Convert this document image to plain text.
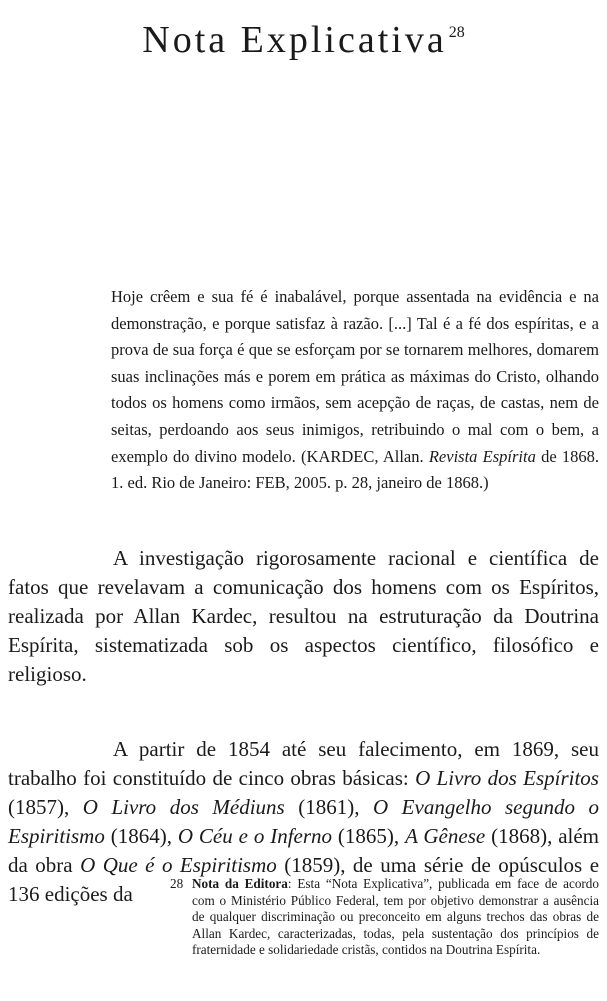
Nota Explicativa $^{28}$

Hoje crêem e sua fé é inabalável, porque assentada na evidência e na demonstração, e porque satisfaz à razão. [...] Tal é a fé dos espíritas, e a prova de sua força é que se esforçam por se tornarem melhores, domarem suas inclinações más e porem em prática as máximas do Cristo, olhando todos os homens como irmãos, sem acepção de raças, de castas, nem de seitas, perdoando aos seus inimigos, retribuindo o mal com o bem, a exemplo do divino modelo. (KARDEC, Allan. Revista Espírita de 1868. 1. ed. Rio de Janeiro: FEB, 2005. p. 28, janeiro de 1868.)

A investigação rigorosamente racional e científica de fatos que revelavam a comunicação dos homens com os Espíritos, realizada por Allan Kardec, resultou na estruturação da Doutrina Espírita, sistematizada sob os aspectos científico, filosófico e religioso.

A partir de 1854 até seu falecimento, em 1869, seu trabalho foi constituído de cinco obras básicas: O Livro dos Espíritos (1857), O Livro dos Médiuns (1861), O Evangelho segundo o Espiritismo (1864), O Céu e o Inferno (1865), A Gênese (1868), além da obra O Que é o Espiritismo (1859), de uma série de opúsculos e 136 edições da	28 Nota da Editora: Esta “Nota Explicativa”, publicada em face de acordo com o Ministério Público Federal, tem por objetivo demonstrar a ausência de qualquer discriminação ou preconceito em alguns trechos das obras de Allan Kardec, caracterizadas, todas, pela sustentação dos princípios de fraternidade e solidariedade cristãs, contidos na Doutrina Espírita.
